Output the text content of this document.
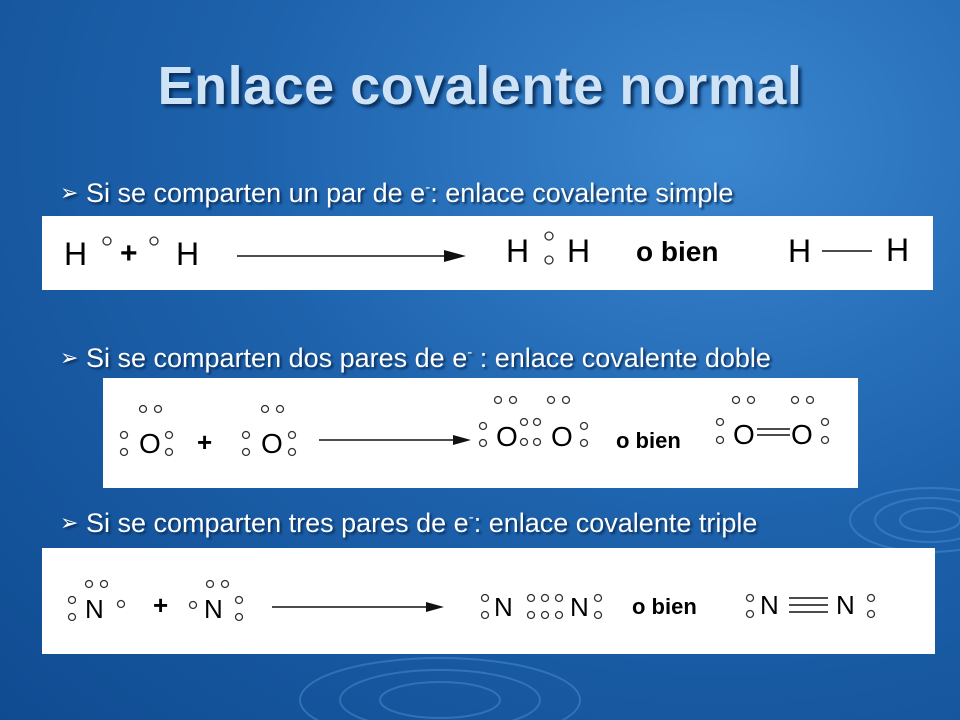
Enlace covalente normal
➢ Si se comparten un par de e-: enlace covalente simple
H + H	H H o bien H H
➢ Si se comparten dos pares de e- : enlace covalente doble
O + O	O O o bien O O
➢ Si se comparten tres pares de e-: enlace covalente triple
N + N	N N o bien N N
